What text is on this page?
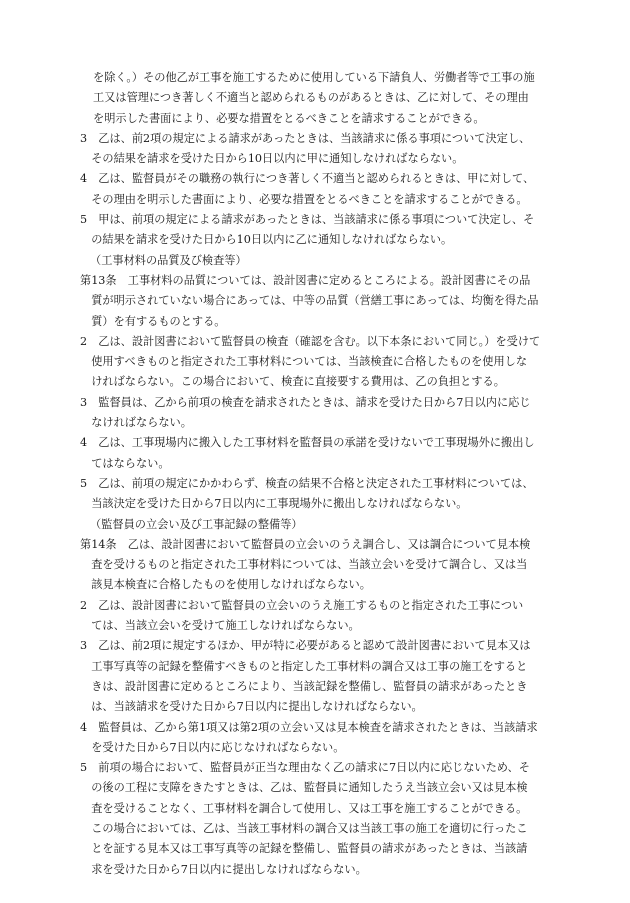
を除く。）その他乙が工事を施工するために使用している下請負人、労働者等で工事の施
工又は管理につき著しく不適当と認められるものがあるときは、乙に対して、その理由
を明示した書面により、必要な措置をとるべきことを請求することができる。
3　乙は、前2項の規定による請求があったときは、当該請求に係る事項について決定し、
　その結果を請求を受けた日から10日以内に甲に通知しなければならない。
4　乙は、監督員がその職務の執行につき著しく不適当と認められるときは、甲に対して、
　その理由を明示した書面により、必要な措置をとるべきことを請求することができる。
5　甲は、前項の規定による請求があったときは、当該請求に係る事項について決定し、そ
　の結果を請求を受けた日から10日以内に乙に通知しなければならない。
（工事材料の品質及び検査等）
第13条　工事材料の品質については、設計図書に定めるところによる。設計図書にその品
　質が明示されていない場合にあっては、中等の品質（営繕工事にあっては、均衡を得た品
　質）を有するものとする。
2　乙は、設計図書において監督員の検査（確認を含む。以下本条において同じ。）を受けて
　使用すべきものと指定された工事材料については、当該検査に合格したものを使用しな
　ければならない。この場合において、検査に直接要する費用は、乙の負担とする。
3　監督員は、乙から前項の検査を請求されたときは、請求を受けた日から7日以内に応じ
　なければならない。
4　乙は、工事現場内に搬入した工事材料を監督員の承諾を受けないで工事現場外に搬出し
　てはならない。
5　乙は、前項の規定にかかわらず、検査の結果不合格と決定された工事材料については、
　当該決定を受けた日から7日以内に工事現場外に搬出しなければならない。
（監督員の立会い及び工事記録の整備等）
第14条　乙は、設計図書において監督員の立会いのうえ調合し、又は調合について見本検
　査を受けるものと指定された工事材料については、当該立会いを受けて調合し、又は当
　該見本検査に合格したものを使用しなければならない。
2　乙は、設計図書において監督員の立会いのうえ施工するものと指定された工事につい
　ては、当該立会いを受けて施工しなければならない。
3　乙は、前2項に規定するほか、甲が特に必要があると認めて設計図書において見本又は
　工事写真等の記録を整備すべきものと指定した工事材料の調合又は工事の施工をすると
　きは、設計図書に定めるところにより、当該記録を整備し、監督員の請求があったとき
　は、当該請求を受けた日から7日以内に提出しなければならない。
4　監督員は、乙から第1項又は第2項の立会い又は見本検査を請求されたときは、当該請求
　を受けた日から7日以内に応じなければならない。
5　前項の場合において、監督員が正当な理由なく乙の請求に7日以内に応じないため、そ
　の後の工程に支障をきたすときは、乙は、監督員に通知したうえ当該立会い又は見本検
　査を受けることなく、工事材料を調合して使用し、又は工事を施工することができる。
　この場合においては、乙は、当該工事材料の調合又は当該工事の施工を適切に行ったこ
　とを証する見本又は工事写真等の記録を整備し、監督員の請求があったときは、当該請
　求を受けた日から7日以内に提出しなければならない。
